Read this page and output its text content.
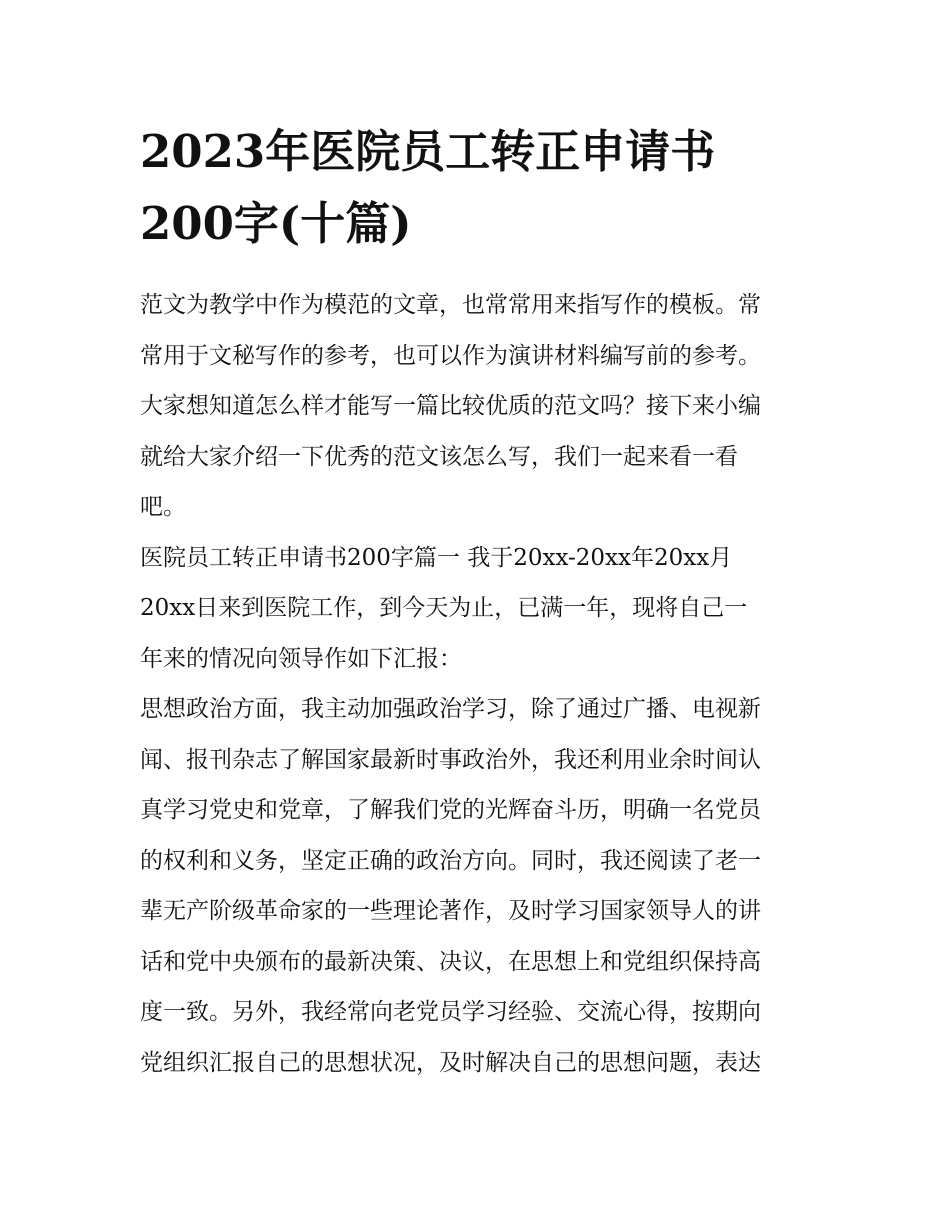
2023年医院员工转正申请书
200字(十篇)

范文为教学中作为模范的文章，也常常用来指写作的模板。常
常用于文秘写作的参考，也可以作为演讲材料编写前的参考。
大家想知道怎么样才能写一篇比较优质的范文吗？接下来小编
就给大家介绍一下优秀的范文该怎么写，我们一起来看一看
吧。

医院员工转正申请书200字篇一 我于20xx-20xx年20xx月
20xx日来到医院工作，到今天为止，已满一年，现将自己一
年来的情况向领导作如下汇报：

思想政治方面，我主动加强政治学习，除了通过广播、电视新
闻、报刊杂志了解国家最新时事政治外，我还利用业余时间认
真学习党史和党章，了解我们党的光辉奋斗历，明确一名党员
的权利和义务，坚定正确的政治方向。同时，我还阅读了老一
辈无产阶级革命家的一些理论著作，及时学习国家领导人的讲
话和党中央颁布的最新决策、决议，在思想上和党组织保持高
度一致。另外，我经常向老党员学习经验、交流心得，按期向
党组织汇报自己的思想状况，及时解决自己的思想问题，表达
